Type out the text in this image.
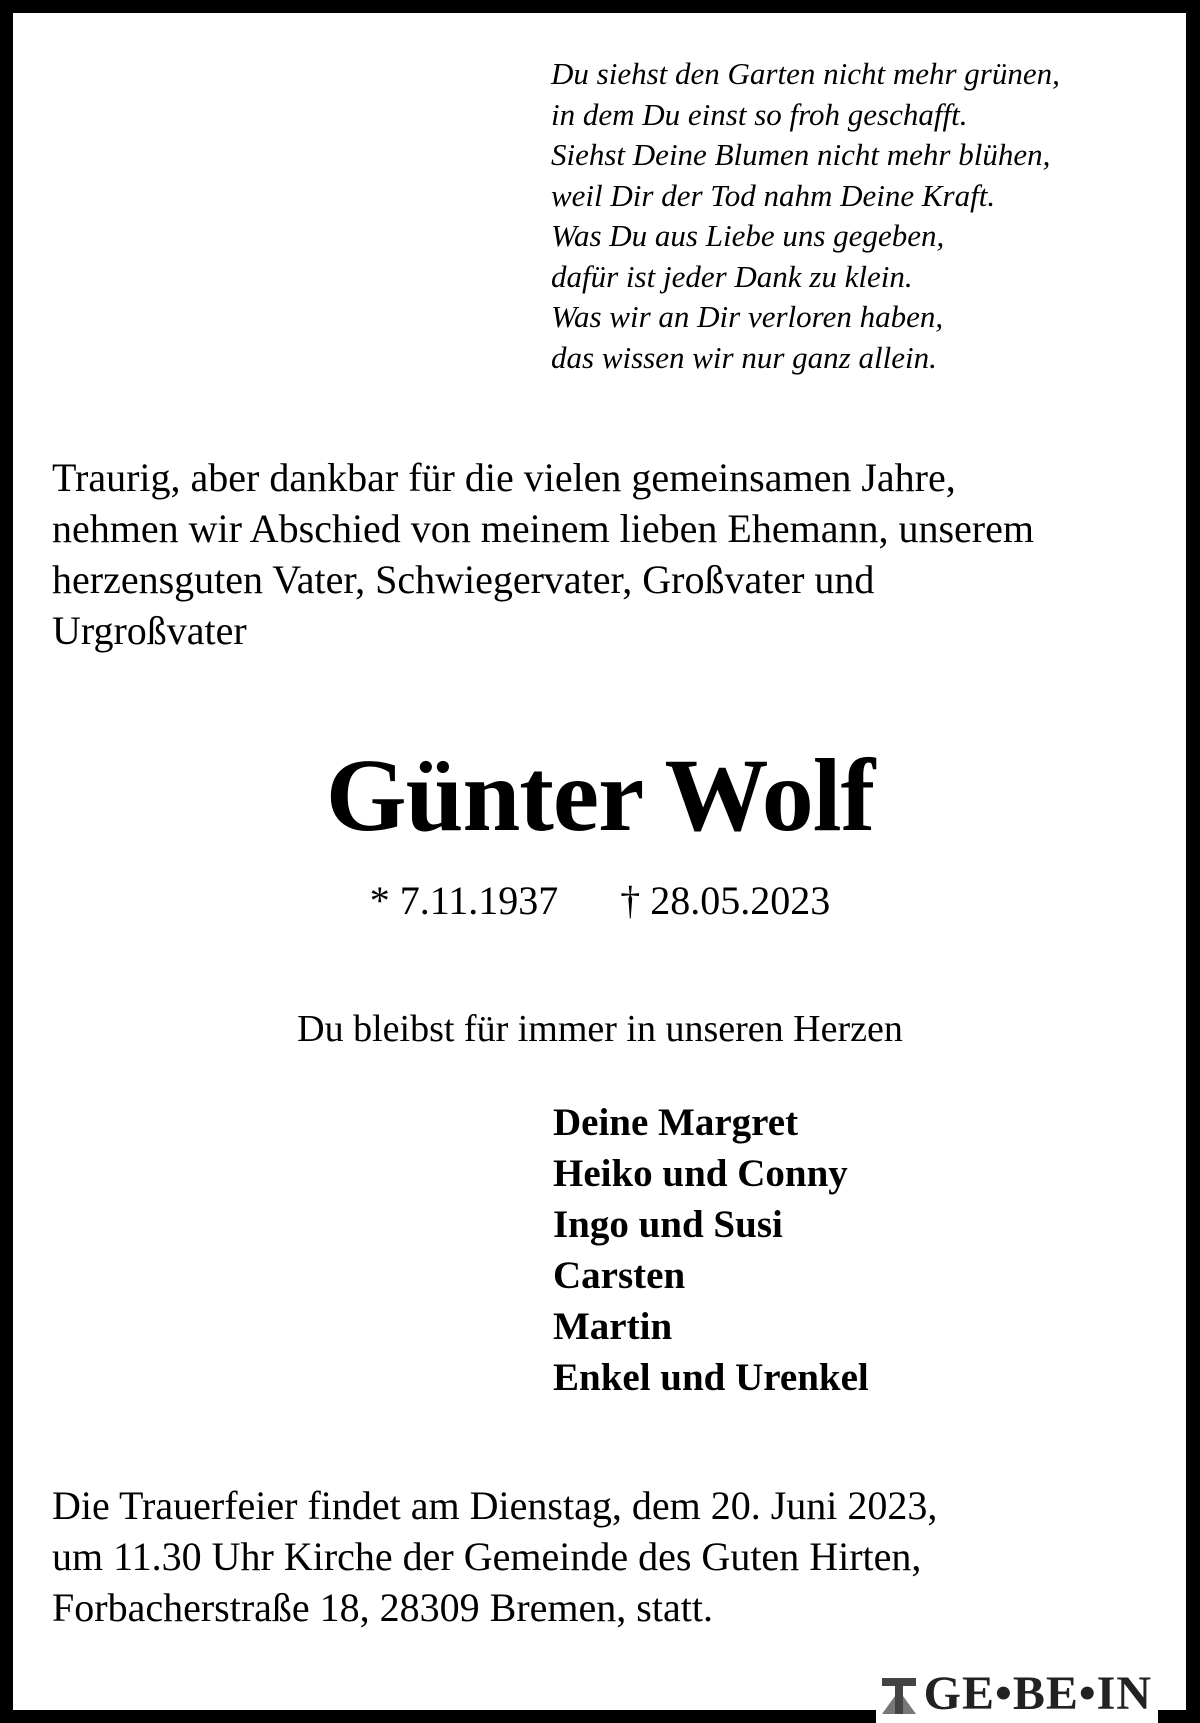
Du siehst den Garten nicht mehr grünen,
in dem Du einst so froh geschafft.
Siehst Deine Blumen nicht mehr blühen,
weil Dir der Tod nahm Deine Kraft.
Was Du aus Liebe uns gegeben,
dafür ist jeder Dank zu klein.
Was wir an Dir verloren haben,
das wissen wir nur ganz allein.
Traurig, aber dankbar für die vielen gemeinsamen Jahre,
nehmen wir Abschied von meinem lieben Ehemann, unserem
herzensguten Vater, Schwiegervater, Großvater und
Urgroßvater
Günter Wolf
* 7.11.1937 † 28.05.2023
Du bleibst für immer in unseren Herzen
Deine Margret
Heiko und Conny
Ingo und Susi
Carsten
Martin
Enkel und Urenkel
Die Trauerfeier findet am Dienstag, dem 20. Juni 2023,
um 11.30 Uhr Kirche der Gemeinde des Guten Hirten,
Forbacherstraße 18, 28309 Bremen, statt.
GE•BE•IN
